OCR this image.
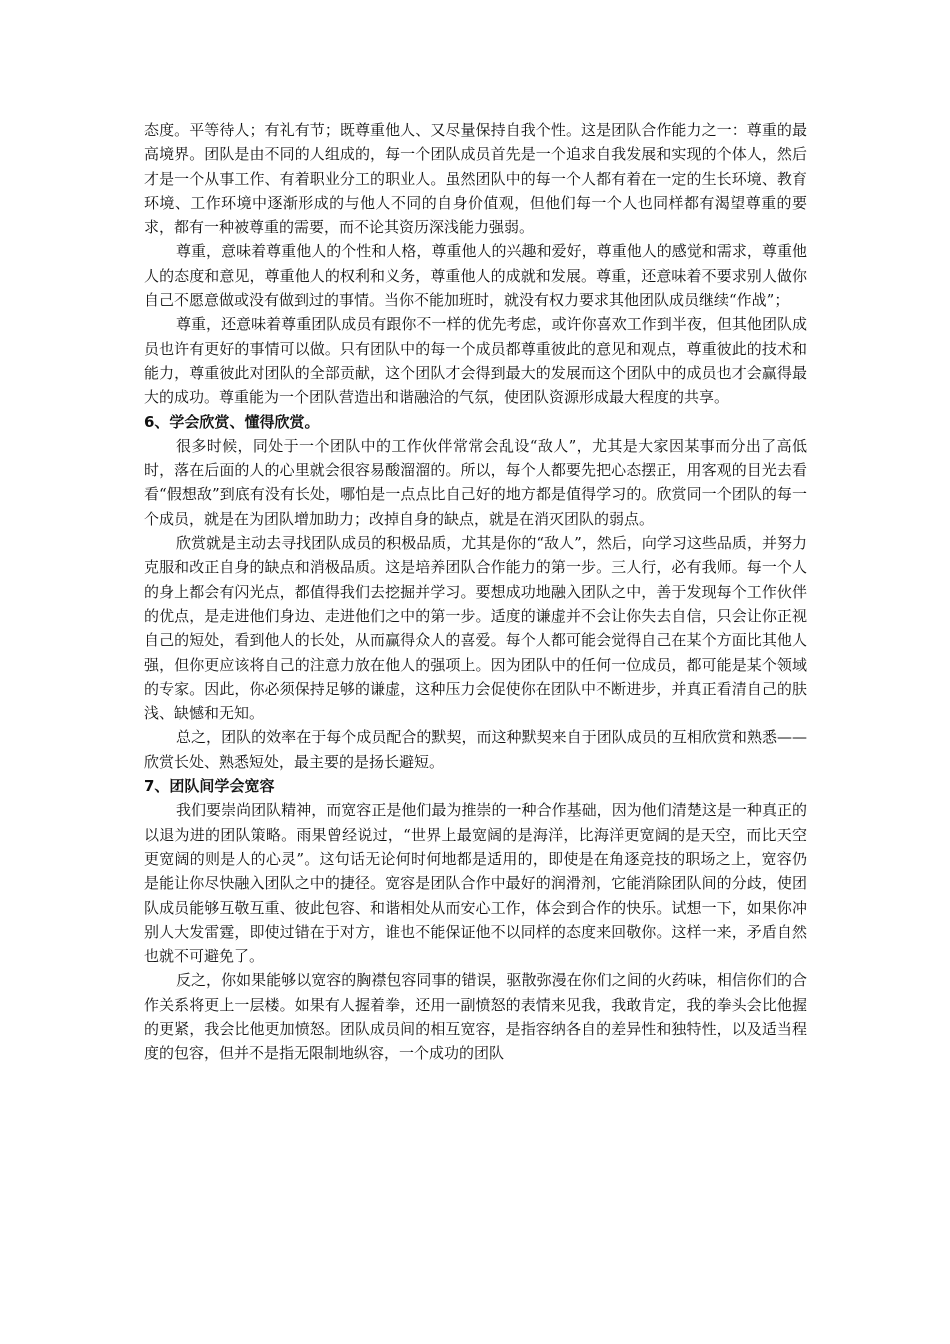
态度。平等待人；有礼有节；既尊重他人、又尽量保持自我个性。这是团队合作能力之一：尊重的最高境界。团队是由不同的人组成的，每一个团队成员首先是一个追求自我发展和实现的个体人，然后才是一个从事工作、有着职业分工的职业人。虽然团队中的每一个人都有着在一定的生长环境、教育环境、工作环境中逐渐形成的与他人不同的自身价值观，但他们每一个人也同样都有渴望尊重的要求，都有一种被尊重的需要，而不论其资历深浅能力强弱。

尊重，意味着尊重他人的个性和人格，尊重他人的兴趣和爱好，尊重他人的感觉和需求，尊重他人的态度和意见，尊重他人的权利和义务，尊重他人的成就和发展。尊重，还意味着不要求别人做你自己不愿意做或没有做到过的事情。当你不能加班时，就没有权力要求其他团队成员继续“作战”；

尊重，还意味着尊重团队成员有跟你不一样的优先考虑，或许你喜欢工作到半夜，但其他团队成员也许有更好的事情可以做。只有团队中的每一个成员都尊重彼此的意见和观点，尊重彼此的技术和能力，尊重彼此对团队的全部贡献，这个团队才会得到最大的发展而这个团队中的成员也才会赢得最大的成功。尊重能为一个团队营造出和谐融洽的气氛，使团队资源形成最大程度的共享。

6、学会欣赏、懂得欣赏。

很多时候，同处于一个团队中的工作伙伴常常会乱设“敌人”，尤其是大家因某事而分出了高低时，落在后面的人的心里就会很容易酸溜溜的。所以，每个人都要先把心态摆正，用客观的目光去看看“假想敌”到底有没有长处，哪怕是一点点比自己好的地方都是值得学习的。欣赏同一个团队的每一个成员，就是在为团队增加助力；改掉自身的缺点，就是在消灭团队的弱点。

欣赏就是主动去寻找团队成员的积极品质，尤其是你的“敌人”，然后，向学习这些品质，并努力克服和改正自身的缺点和消极品质。这是培养团队合作能力的第一步。三人行，必有我师。每一个人的身上都会有闪光点，都值得我们去挖掘并学习。要想成功地融入团队之中，善于发现每个工作伙伴的优点，是走进他们身边、走进他们之中的第一步。适度的谦虚并不会让你失去自信，只会让你正视自己的短处，看到他人的长处，从而赢得众人的喜爱。每个人都可能会觉得自己在某个方面比其他人强，但你更应该将自己的注意力放在他人的强项上。因为团队中的任何一位成员，都可能是某个领域的专家。因此，你必须保持足够的谦虚，这种压力会促使你在团队中不断进步，并真正看清自己的肤浅、缺憾和无知。

总之，团队的效率在于每个成员配合的默契，而这种默契来自于团队成员的互相欣赏和熟悉——欣赏长处、熟悉短处，最主要的是扬长避短。

7、团队间学会宽容

我们要崇尚团队精神，而宽容正是他们最为推崇的一种合作基础，因为他们清楚这是一种真正的以退为进的团队策略。雨果曾经说过，“世界上最宽阔的是海洋，比海洋更宽阔的是天空，而比天空更宽阔的则是人的心灵”。这句话无论何时何地都是适用的，即使是在角逐竞技的职场之上，宽容仍是能让你尽快融入团队之中的捷径。宽容是团队合作中最好的润滑剂，它能消除团队间的分歧，使团队成员能够互敬互重、彼此包容、和谐相处从而安心工作，体会到合作的快乐。试想一下，如果你冲别人大发雷霆，即使过错在于对方，谁也不能保证他不以同样的态度来回敬你。这样一来，矛盾自然也就不可避免了。

反之，你如果能够以宽容的胸襟包容同事的错误，驱散弥漫在你们之间的火药味，相信你们的合作关系将更上一层楼。如果有人握着拳，还用一副愤怒的表情来见我，我敢肯定，我的拳头会比他握的更紧，我会比他更加愤怒。团队成员间的相互宽容，是指容纳各自的差异性和独特性，以及适当程度的包容，但并不是指无限制地纵容，一个成功的团队
